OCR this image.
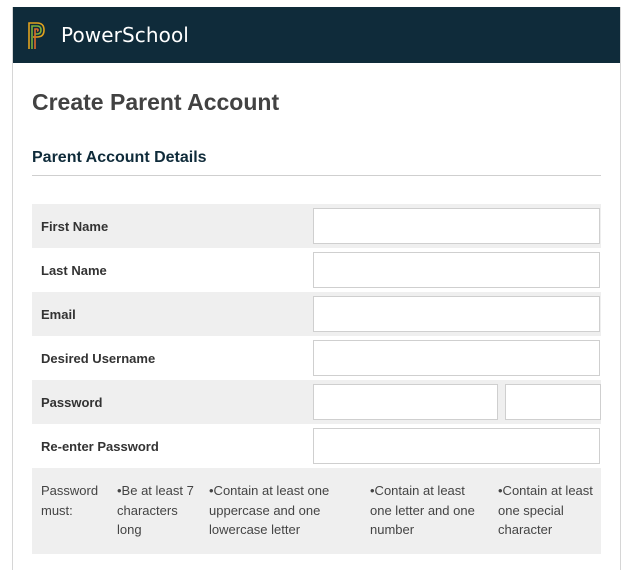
PowerSchool
Create Parent Account
Parent Account Details
First Name
Last Name
Email
Desired Username
Password
Re-enter Password
Password must:
•Be at least 7 characters long
•Contain at least one uppercase and one lowercase letter
•Contain at least one letter and one number
•Contain at least one special character
